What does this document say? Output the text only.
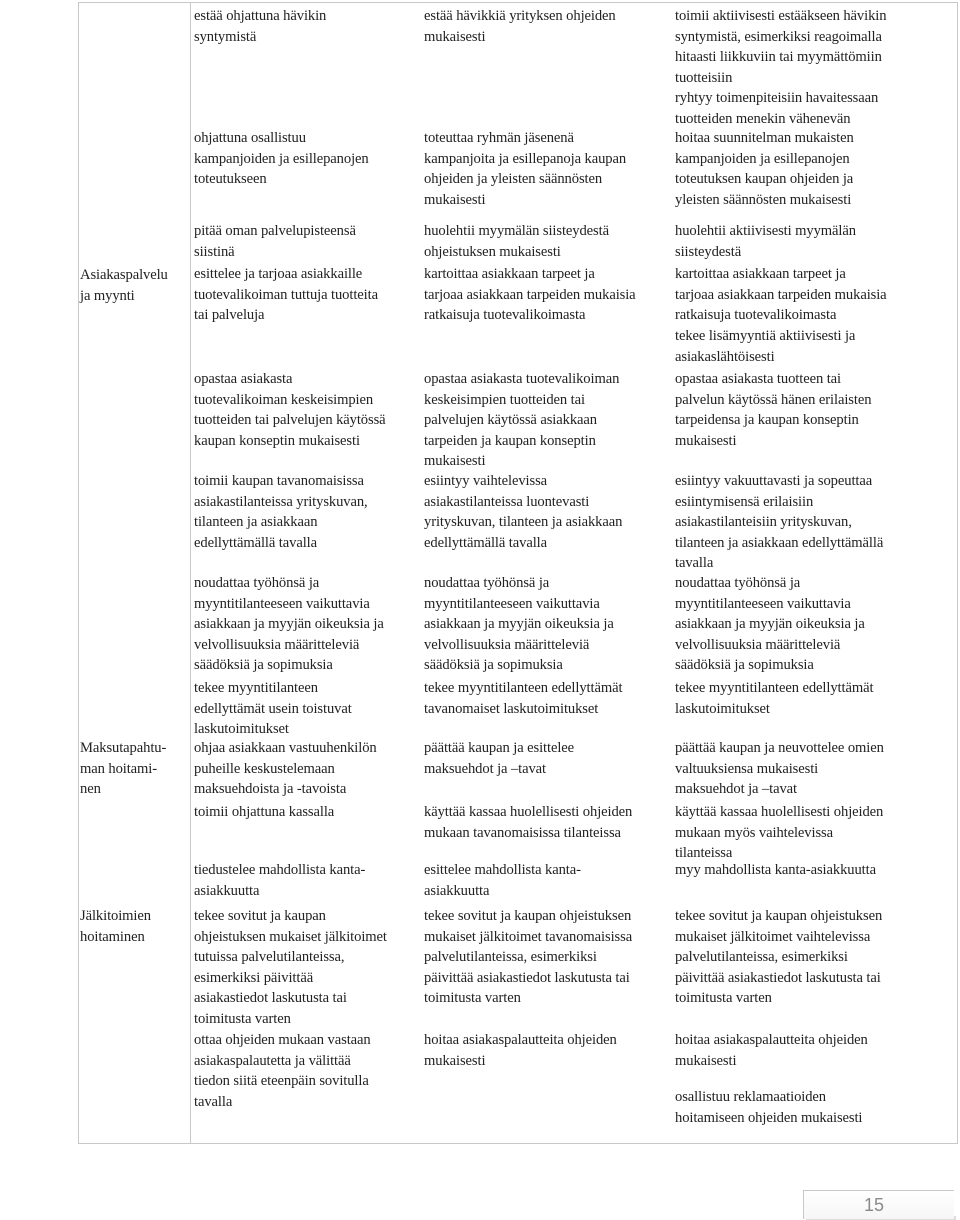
Asiakaspalvelu
ja myynti
Maksutapahtu-
man hoitami-
nen
Jälkitoimien
hoitaminen
estää ohjattuna hävikin
syntymistä
ohjattuna osallistuu
kampanjoiden ja esillepanojen
toteutukseen
pitää oman palvelupisteensä
siistinä
esittelee ja tarjoaa asiakkaille
tuotevalikoiman tuttuja tuotteita
tai palveluja
opastaa asiakasta
tuotevalikoiman keskeisimpien
tuotteiden tai palvelujen käytössä
kaupan konseptin mukaisesti
toimii kaupan tavanomaisissa
asiakastilanteissa yrityskuvan,
tilanteen ja asiakkaan
edellyttämällä tavalla
noudattaa työhönsä ja
myyntitilanteeseen vaikuttavia
asiakkaan ja myyjän oikeuksia ja
velvollisuuksia määritteleviä
säädöksiä ja sopimuksia
tekee myyntitilanteen
edellyttämät usein toistuvat
laskutoimitukset
ohjaa asiakkaan vastuuhenkilön
puheille keskustelemaan
maksuehdoista ja -tavoista
toimii ohjattuna kassalla
tiedustelee mahdollista kanta-
asiakkuutta
tekee sovitut ja kaupan
ohjeistuksen mukaiset jälkitoimet
tutuissa palvelutilanteissa,
esimerkiksi päivittää
asiakastiedot laskutusta tai
toimitusta varten
ottaa ohjeiden mukaan vastaan
asiakaspalautetta ja välittää
tiedon siitä eteenpäin sovitulla
tavalla
estää hävikkiä yrityksen ohjeiden
mukaisesti
toteuttaa ryhmän jäsenenä
kampanjoita ja esillepanoja kaupan
ohjeiden ja yleisten säännösten
mukaisesti
huolehtii myymälän siisteydestä
ohjeistuksen mukaisesti
kartoittaa asiakkaan tarpeet ja
tarjoaa asiakkaan tarpeiden mukaisia
ratkaisuja tuotevalikoimasta
opastaa asiakasta tuotevalikoiman
keskeisimpien tuotteiden tai
palvelujen käytössä asiakkaan
tarpeiden ja kaupan konseptin
mukaisesti
esiintyy vaihtelevissa
asiakastilanteissa luontevasti
yrityskuvan, tilanteen ja asiakkaan
edellyttämällä tavalla
noudattaa työhönsä ja
myyntitilanteeseen vaikuttavia
asiakkaan ja myyjän oikeuksia ja
velvollisuuksia määritteleviä
säädöksiä ja sopimuksia
tekee myyntitilanteen edellyttämät
tavanomaiset laskutoimitukset
päättää kaupan ja esittelee
maksuehdot ja –tavat
käyttää kassaa huolellisesti ohjeiden
mukaan tavanomaisissa tilanteissa
esittelee mahdollista kanta-
asiakkuutta
tekee sovitut ja kaupan ohjeistuksen
mukaiset jälkitoimet tavanomaisissa
palvelutilanteissa, esimerkiksi
päivittää asiakastiedot laskutusta tai
toimitusta varten
hoitaa asiakaspalautteita ohjeiden
mukaisesti
toimii aktiivisesti estääkseen hävikin
syntymistä, esimerkiksi reagoimalla
hitaasti liikkuviin tai myymättömiin
tuotteisiin
ryhtyy toimenpiteisiin havaitessaan
tuotteiden menekin vähenevän
hoitaa suunnitelman mukaisten
kampanjoiden ja esillepanojen
toteutuksen kaupan ohjeiden ja
yleisten säännösten mukaisesti
huolehtii aktiivisesti myymälän
siisteydestä
kartoittaa asiakkaan tarpeet ja
tarjoaa asiakkaan tarpeiden mukaisia
ratkaisuja tuotevalikoimasta
tekee lisämyyntiä aktiivisesti ja
asiakaslähtöisesti
opastaa asiakasta tuotteen tai
palvelun käytössä hänen erilaisten
tarpeidensa ja kaupan konseptin
mukaisesti
esiintyy vakuuttavasti ja sopeuttaa
esiintymisensä erilaisiin
asiakastilanteisiin yrityskuvan,
tilanteen ja asiakkaan edellyttämällä
tavalla
noudattaa työhönsä ja
myyntitilanteeseen vaikuttavia
asiakkaan ja myyjän oikeuksia ja
velvollisuuksia määritteleviä
säädöksiä ja sopimuksia
tekee myyntitilanteen edellyttämät
laskutoimitukset
päättää kaupan ja neuvottelee omien
valtuuksiensa mukaisesti
maksuehdot ja –tavat
käyttää kassaa huolellisesti ohjeiden
mukaan myös vaihtelevissa
tilanteissa
myy mahdollista kanta-asiakkuutta
tekee sovitut ja kaupan ohjeistuksen
mukaiset jälkitoimet vaihtelevissa
palvelutilanteissa, esimerkiksi
päivittää asiakastiedot laskutusta tai
toimitusta varten
hoitaa asiakaspalautteita ohjeiden
mukaisesti
osallistuu reklamaatioiden
hoitamiseen ohjeiden mukaisesti
15
